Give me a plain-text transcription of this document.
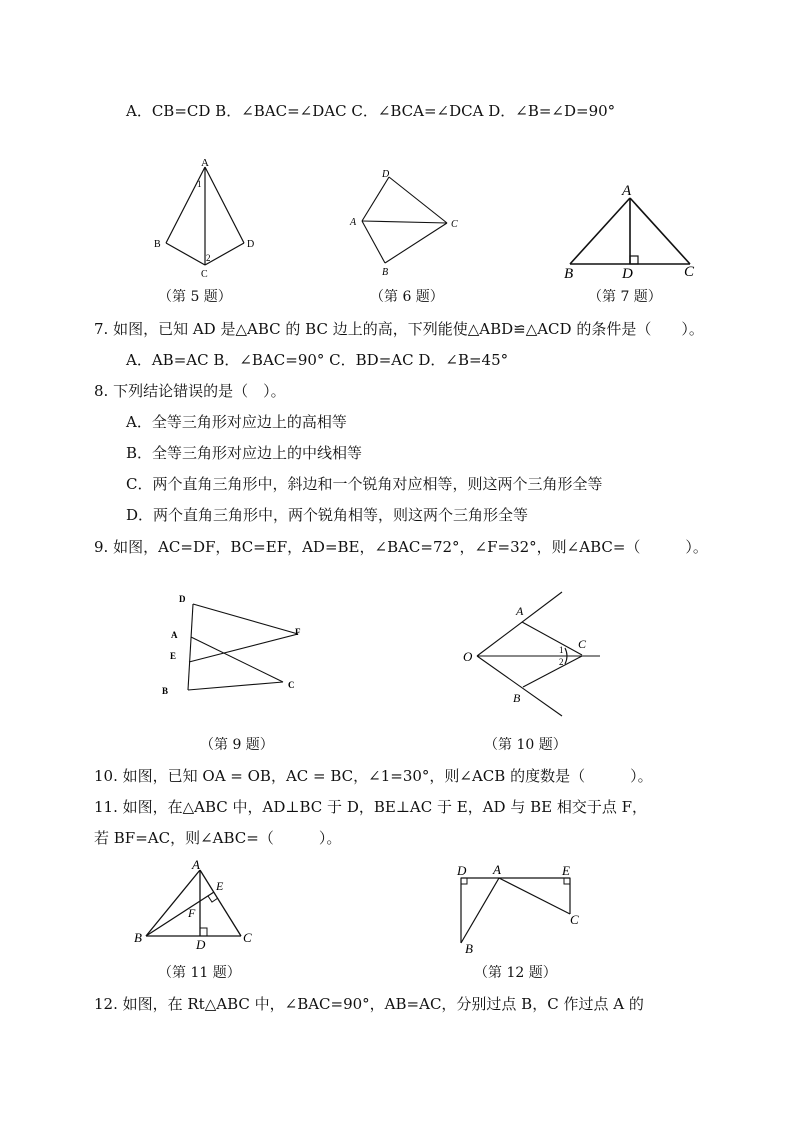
A．CB=CD B．∠BAC=∠DAC C．∠BCA=∠DCA D．∠B=∠D=90°
A
B	D
C
1
2
（第 5 题）
D
A	C
B
（第 6 题）
A
B	D	C
（第 7 题）
7. 如图，已知 AD 是△ABC 的 BC 边上的高，下列能使△ABD≌△ACD 的条件是（　　）。
A．AB=AC B．∠BAC=90° C．BD=AC D．∠B=45°
8. 下列结论错误的是（　）。
A．全等三角形对应边上的高相等
B．全等三角形对应边上的中线相等
C．两个直角三角形中，斜边和一个锐角对应相等，则这两个三角形全等
D．两个直角三角形中，两个锐角相等，则这两个三角形全等
9. 如图，AC=DF，BC=EF，AD=BE，∠BAC=72°，∠F=32°，则∠ABC=（　　　）。
D
A
E
B
F
C
（第 9 题）
O
A
B
C
1
2
（第 10 题）
10. 如图，已知 OA = OB，AC = BC，∠1=30°，则∠ACB 的度数是（　　　）。
11. 如图，在△ABC 中，AD⊥BC 于 D，BE⊥AC 于 E，AD 与 BE 相交于点 F，
若 BF=AC，则∠ABC=（　　　）。
A
E
F
B	D	C
（第 11 题）
D A	E
B
C
（第 12 题）
12. 如图，在 Rt△ABC 中，∠BAC=90°，AB=AC，分别过点 B，C 作过点 A 的
